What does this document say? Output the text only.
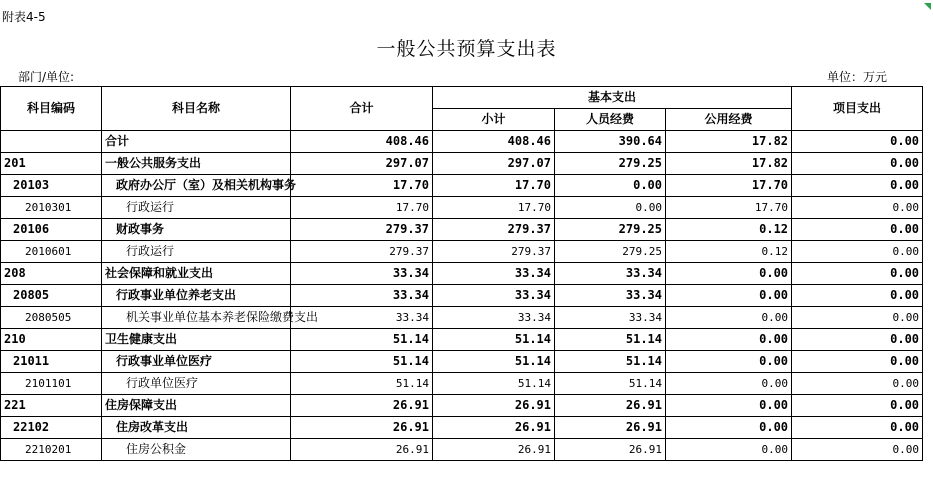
附表4-5
一般公共预算支出表
部门/单位:	单位：万元
科目编码	科目名称	合计	基本支出			项目支出
			小计	人员经费	公用经费	
	合计	408.46	408.46	390.64	17.82	0.00
201	一般公共服务支出	297.07	297.07	279.25	17.82	0.00
20103	政府办公厅（室）及相关机构事务	17.70	17.70	0.00	17.70	0.00
2010301	行政运行	17.70	17.70	0.00	17.70	0.00
20106	财政事务	279.37	279.37	279.25	0.12	0.00
2010601	行政运行	279.37	279.37	279.25	0.12	0.00
208	社会保障和就业支出	33.34	33.34	33.34	0.00	0.00
20805	行政事业单位养老支出	33.34	33.34	33.34	0.00	0.00
2080505	机关事业单位基本养老保险缴费支出	33.34	33.34	33.34	0.00	0.00
210	卫生健康支出	51.14	51.14	51.14	0.00	0.00
21011	行政事业单位医疗	51.14	51.14	51.14	0.00	0.00
2101101	行政单位医疗	51.14	51.14	51.14	0.00	0.00
221	住房保障支出	26.91	26.91	26.91	0.00	0.00
22102	住房改革支出	26.91	26.91	26.91	0.00	0.00
2210201	住房公积金	26.91	26.91	26.91	0.00	0.00
